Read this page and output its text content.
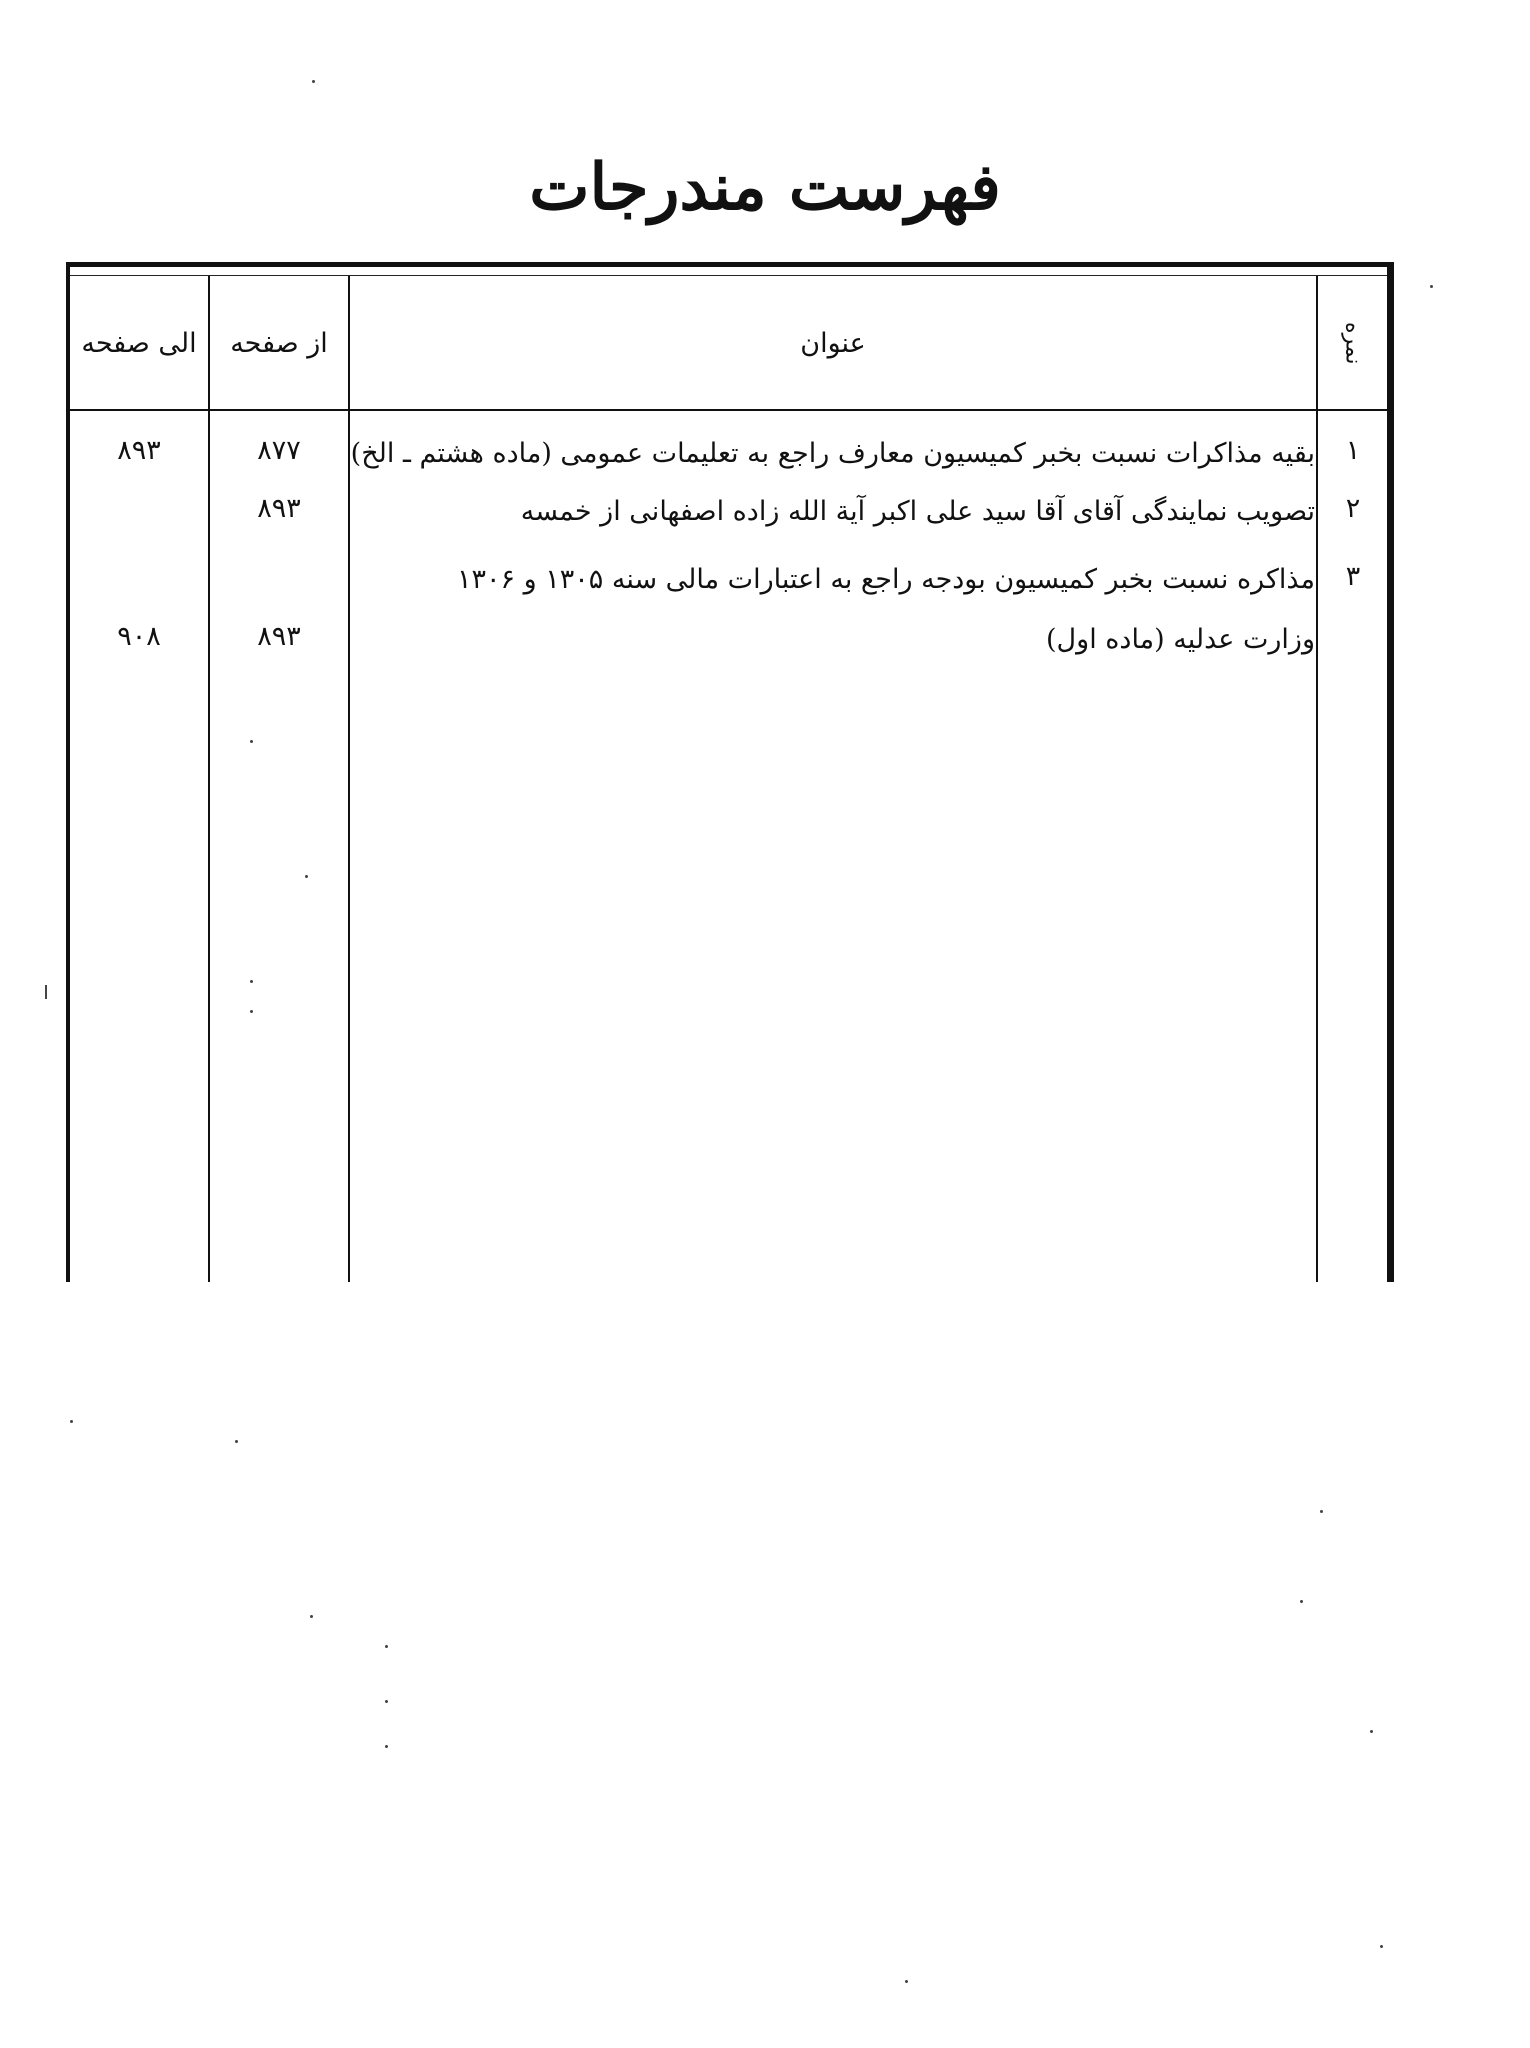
فهرست مندرجات
نمره
عنوان
از صفحه
الی صفحه
۱
بقیه مذاکرات نسبت بخبر کمیسیون معارف راجع به تعلیمات عمومی (ماده هشتم ـ الخ)
۸۷۷
۸۹۳
۲
تصویب نمایندگی آقای آقا سید علی اکبر آیة الله زاده اصفهانی از خمسه
۸۹۳
۳
مذاکره نسبت بخبر کمیسیون بودجه راجع به اعتبارات مالی سنه ۱۳۰۵ و ۱۳۰۶
وزارت عدلیه (ماده اول)
۸۹۳
۹۰۸
